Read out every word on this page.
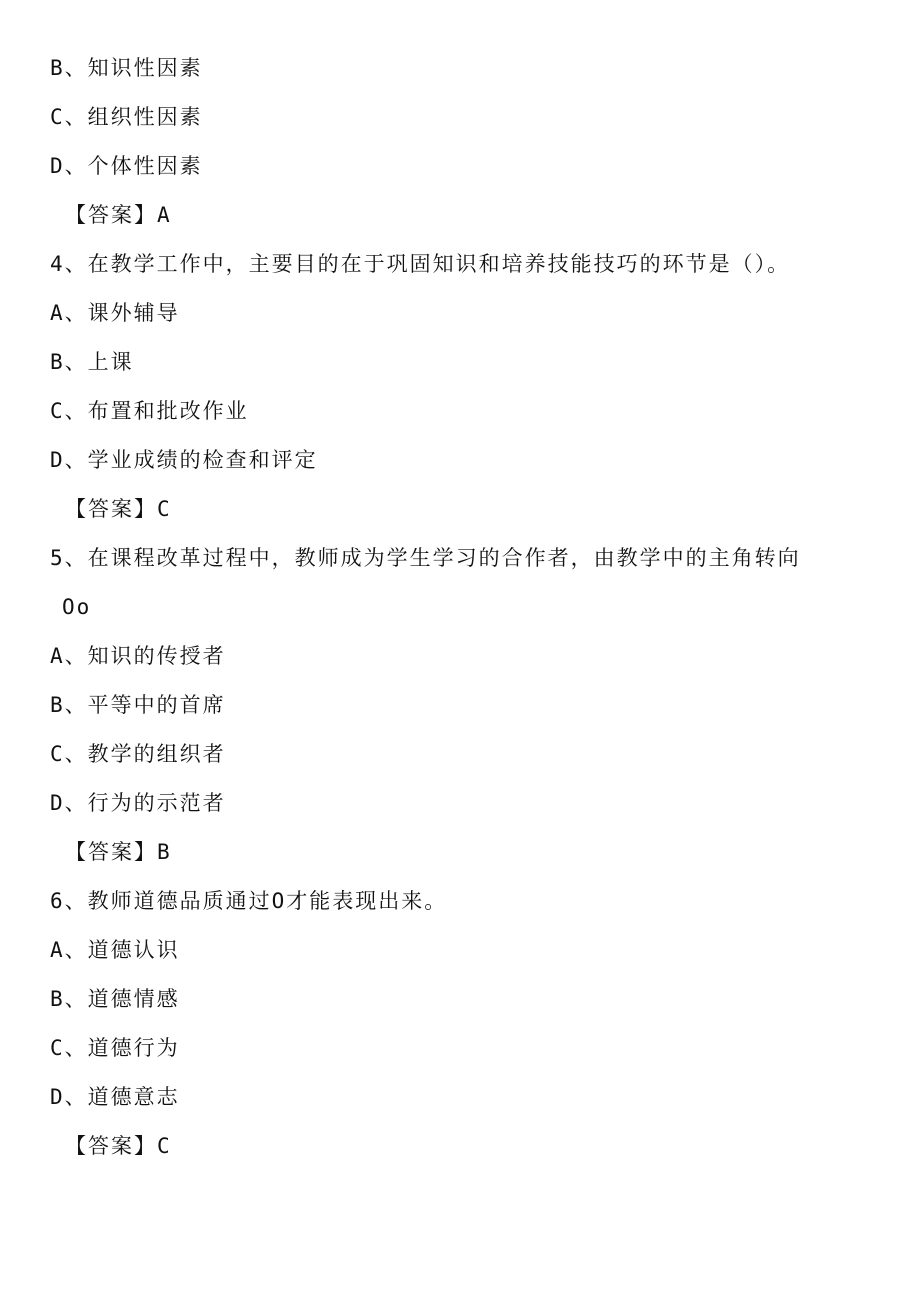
B、知识性因素
C、组织性因素
D、个体性因素
【答案】A
4、在教学工作中，主要目的在于巩固知识和培养技能技巧的环节是（）。
A、课外辅导
B、上课
C、布置和批改作业
D、学业成绩的检查和评定
【答案】C
5、在课程改革过程中，教师成为学生学习的合作者，由教学中的主角转向
Oo
A、知识的传授者
B、平等中的首席
C、教学的组织者
D、行为的示范者
【答案】B
6、教师道德品质通过O才能表现出来。
A、道德认识
B、道德情感
C、道德行为
D、道德意志
【答案】C
